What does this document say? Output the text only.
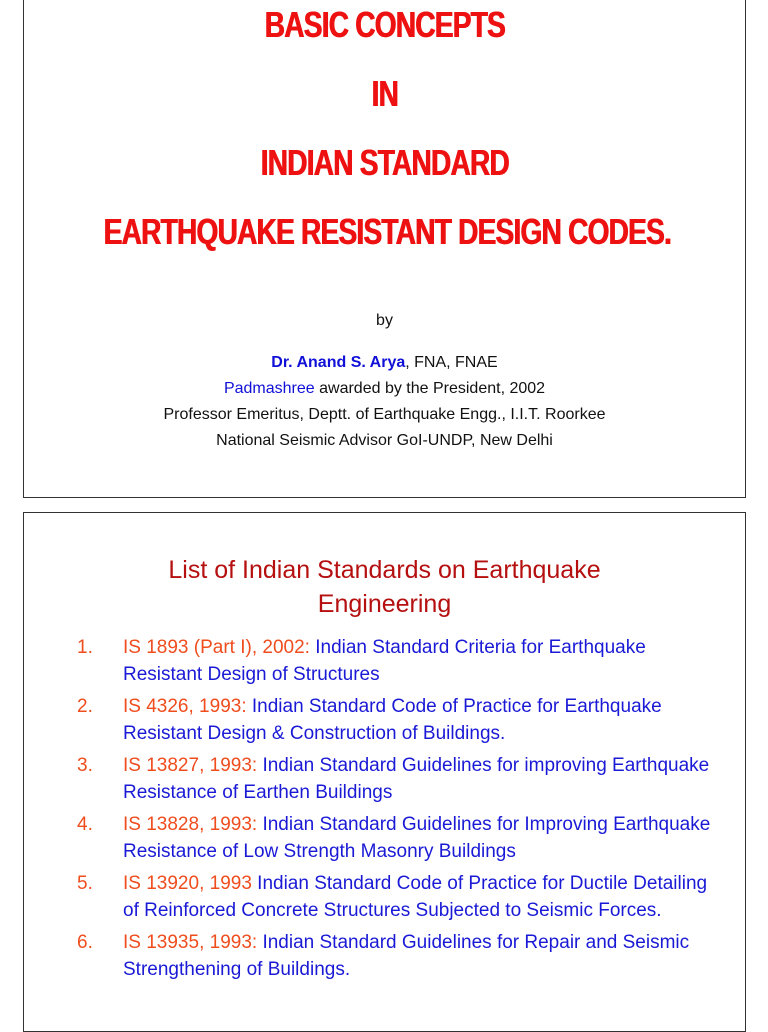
BASIC CONCEPTS
IN
INDIAN STANDARD
EARTHQUAKE RESISTANT DESIGN CODES.
by
Dr. Anand S. Arya, FNA, FNAE
Padmashree awarded by the President, 2002
Professor Emeritus, Deptt. of Earthquake Engg., I.I.T. Roorkee
National Seismic Advisor GoI-UNDP, New Delhi
List of Indian Standards on Earthquake
Engineering
1. IS 1893 (Part I), 2002: Indian Standard Criteria for Earthquake Resistant Design of Structures
2. IS 4326, 1993: Indian Standard Code of Practice for Earthquake Resistant Design & Construction of Buildings.
3. IS 13827, 1993: Indian Standard Guidelines for improving Earthquake Resistance of Earthen Buildings
4. IS 13828, 1993: Indian Standard Guidelines for Improving Earthquake Resistance of Low Strength Masonry Buildings
5. IS 13920, 1993 Indian Standard Code of Practice for Ductile Detailing of Reinforced Concrete Structures Subjected to Seismic Forces.
6. IS 13935, 1993: Indian Standard Guidelines for Repair and Seismic Strengthening of Buildings.
